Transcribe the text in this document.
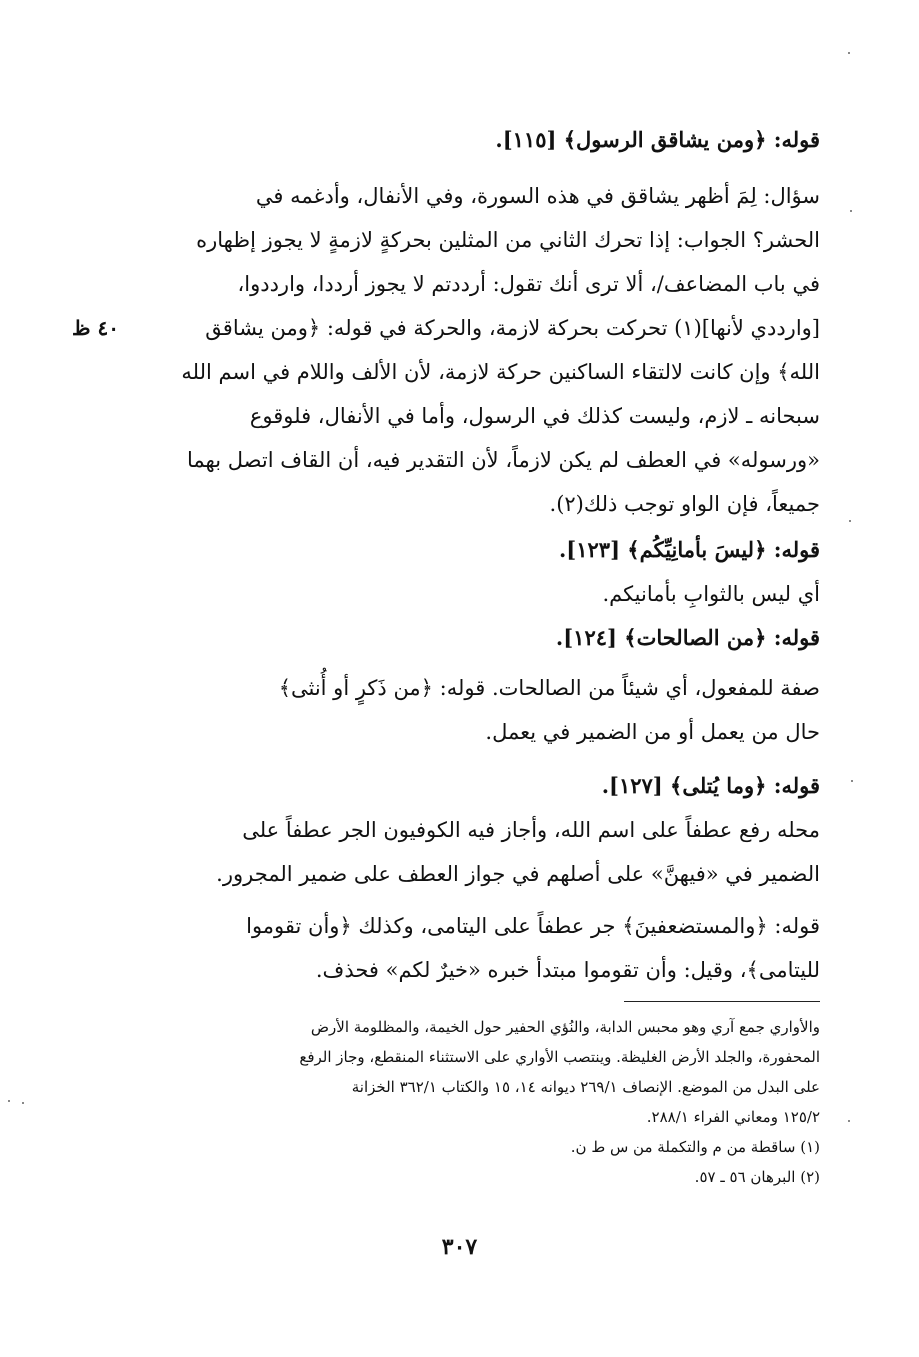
قوله: ﴿ومن يشاقق الرسول﴾ [١١٥].
سؤال: لِمَ أظهر يشاقق في هذه السورة، وفي الأنفال، وأدغمه في
الحشر؟ الجواب: إذا تحرك الثاني من المثلين بحركةٍ لازمةٍ لا يجوز إظهاره
في باب المضاعف/، ألا ترى أنك تقول: أرددتم لا يجوز أرددا، وارددوا،
[وارددي لأنها](١) تحركت بحركة لازمة، والحركة في قوله: ﴿ومن يشاقق
الله﴾ وإن كانت لالتقاء الساكنين حركة لازمة، لأن الألف واللام في اسم الله
سبحانه ـ لازم، وليست كذلك في الرسول، وأما في الأنفال، فلوقوع
«ورسوله» في العطف لم يكن لازماً، لأن التقدير فيه، أن القاف اتصل بهما
جميعاً، فإن الواو توجب ذلك(٢).
٤٠ ظ
قوله: ﴿ليسَ بأمانِيِّكُم﴾ [١٢٣].
أي ليس بالثوابِ بأمانيكم.
قوله: ﴿من الصالحات﴾ [١٢٤].
صفة للمفعول، أي شيئاً من الصالحات. قوله: ﴿من ذَكرٍ أو أُنثى﴾
حال من يعمل أو من الضمير في يعمل.
قوله: ﴿وما يُتلى﴾ [١٢٧].
محله رفع عطفاً على اسم الله، وأجاز فيه الكوفيون الجر عطفاً على
الضمير في «فيهنَّ» على أصلهم في جواز العطف على ضمير المجرور.
قوله: ﴿والمستضعفينَ﴾ جر عطفاً على اليتامى، وكذلك ﴿وأن تقوموا
لليتامى﴾، وقيل: وأن تقوموا مبتدأ خبره «خيرٌ لكم» فحذف.
والأواري جمع آري وهو محبس الدابة، والنُؤي الحفير حول الخيمة، والمظلومة الأرض
المحفورة، والجلد الأرض الغليظة. وينتصب الأواري على الاستثناء المنقطع، وجاز الرفع
على البدل من الموضع. الإنصاف ٢٦٩/١ ديوانه ١٤، ١٥ والكتاب ٣٦٢/١ الخزانة
١٢٥/٢ ومعاني الفراء ٢٨٨/١.
(١) ساقطة من م والتكملة من س ط ن.
(٢) البرهان ٥٦ ـ ٥٧.
٣٠٧
